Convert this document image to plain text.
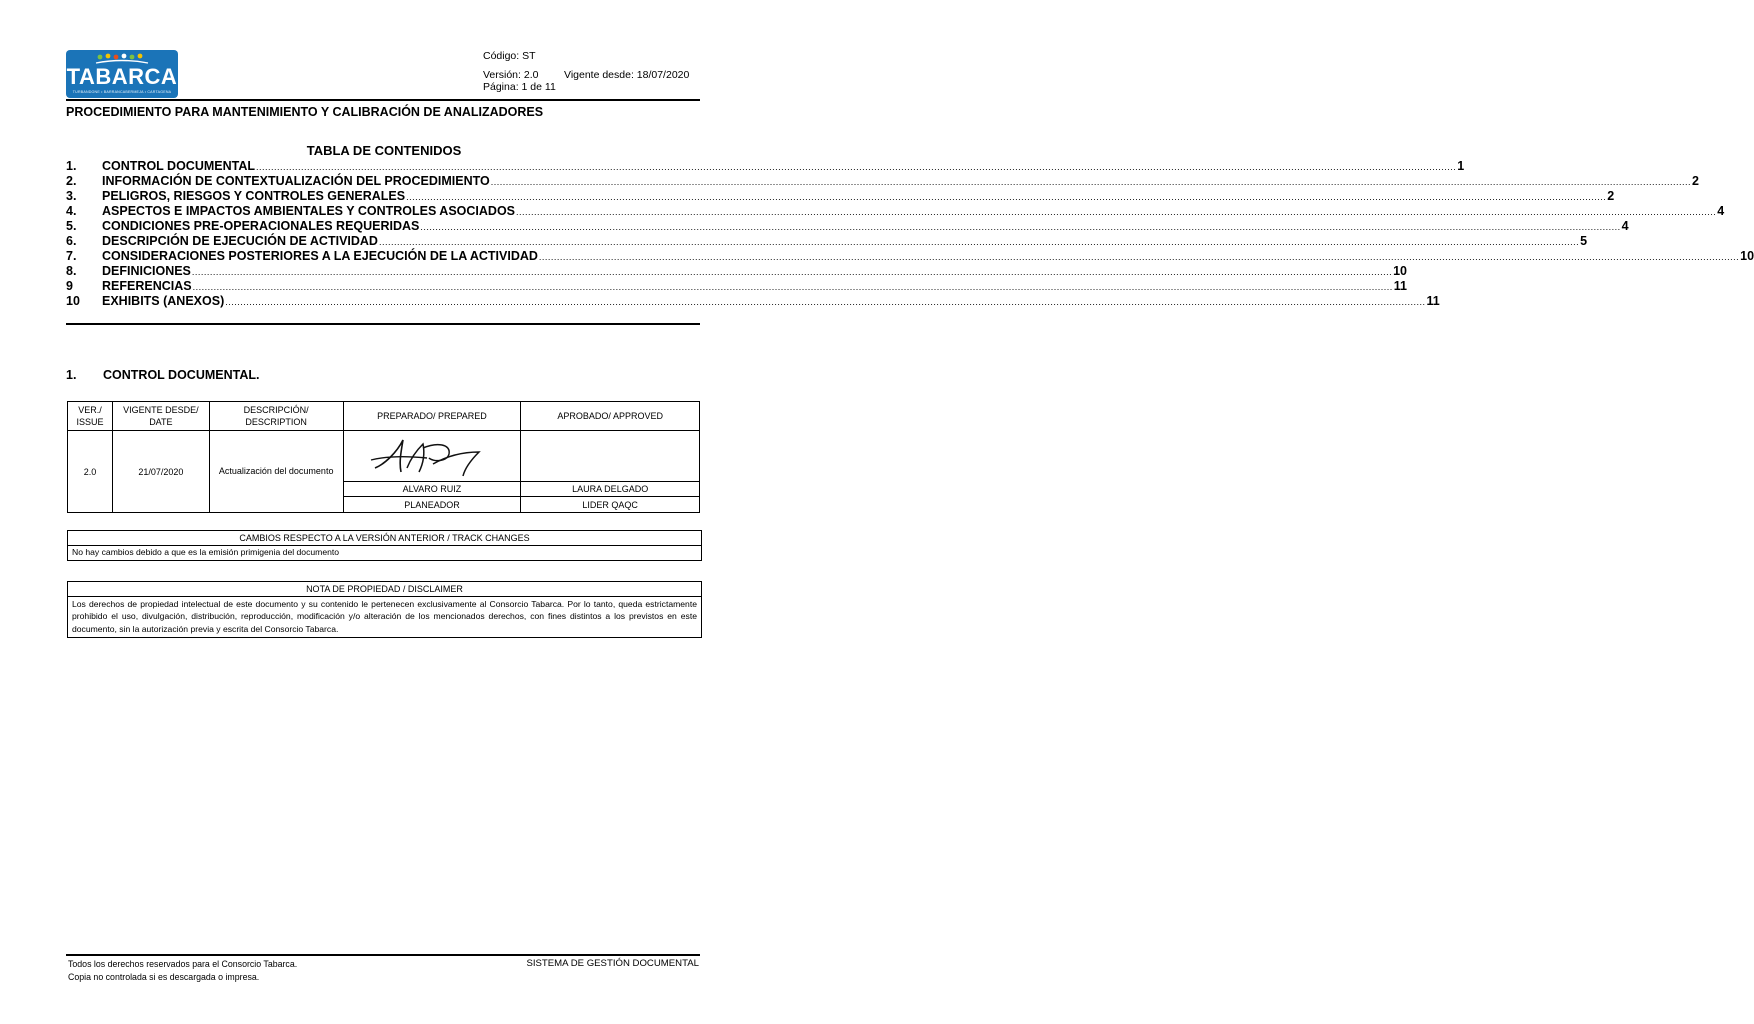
TABARCA
TURBANDONE • BARRANCABERMEJA • CARTAGENA
Código: ST
Versión: 2.0 Vigente desde: 18/07/2020
Página: 1 de 11
PROCEDIMIENTO PARA MANTENIMIENTO Y CALIBRACIÓN DE ANALIZADORES
TABLA DE CONTENIDOS
1.	CONTROL DOCUMENTAL ................................................................................................................................................................................................................................................................................................................................................................................................................ 1
2.	INFORMACIÓN DE CONTEXTUALIZACIÓN DEL PROCEDIMIENTO ................................................................................................................................................................................................................................................................................................................................................................................................................ 2
3.	PELIGROS, RIESGOS Y CONTROLES GENERALES ................................................................................................................................................................................................................................................................................................................................................................................................................ 2
4.	ASPECTOS E IMPACTOS AMBIENTALES Y CONTROLES ASOCIADOS ................................................................................................................................................................................................................................................................................................................................................................................................................ 4
5.	CONDICIONES PRE-OPERACIONALES REQUERIDAS ................................................................................................................................................................................................................................................................................................................................................................................................................ 4
6.	DESCRIPCIÓN DE EJECUCIÓN DE ACTIVIDAD ................................................................................................................................................................................................................................................................................................................................................................................................................ 5
7.	CONSIDERACIONES POSTERIORES A LA EJECUCIÓN DE LA ACTIVIDAD ................................................................................................................................................................................................................................................................................................................................................................................................................ 10
8.	DEFINICIONES ................................................................................................................................................................................................................................................................................................................................................................................................................ 10
9	REFERENCIAS ................................................................................................................................................................................................................................................................................................................................................................................................................ 11
10	EXHIBITS (ANEXOS) ................................................................................................................................................................................................................................................................................................................................................................................................................ 11
1. CONTROL DOCUMENTAL.
VER./ ISSUE	VIGENTE DESDE/ DATE	DESCRIPCIÓN/ DESCRIPTION	PREPARADO/ PREPARED	APROBADO/ APPROVED
2.0	21/07/2020	Actualización del documento	

			ALVARO RUIZ	LAURA DELGADO
			PLANEADOR	LIDER QAQC
CAMBIOS RESPECTO A LA VERSIÓN ANTERIOR / TRACK CHANGES
No hay cambios debido a que es la emisión primigenia del documento
NOTA DE PROPIEDAD / DISCLAIMER
Los derechos de propiedad intelectual de este documento y su contenido le pertenecen exclusivamente al Consorcio Tabarca. Por lo tanto, queda estrictamente prohibido el uso, divulgación, distribución, reproducción, modificación y/o alteración de los mencionados derechos, con fines distintos a los previstos en este documento, sin la autorización previa y escrita del Consorcio Tabarca.
Todos los derechos reservados para el Consorcio Tabarca.
Copia no controlada si es descargada o impresa.
SISTEMA DE GESTIÓN DOCUMENTAL
